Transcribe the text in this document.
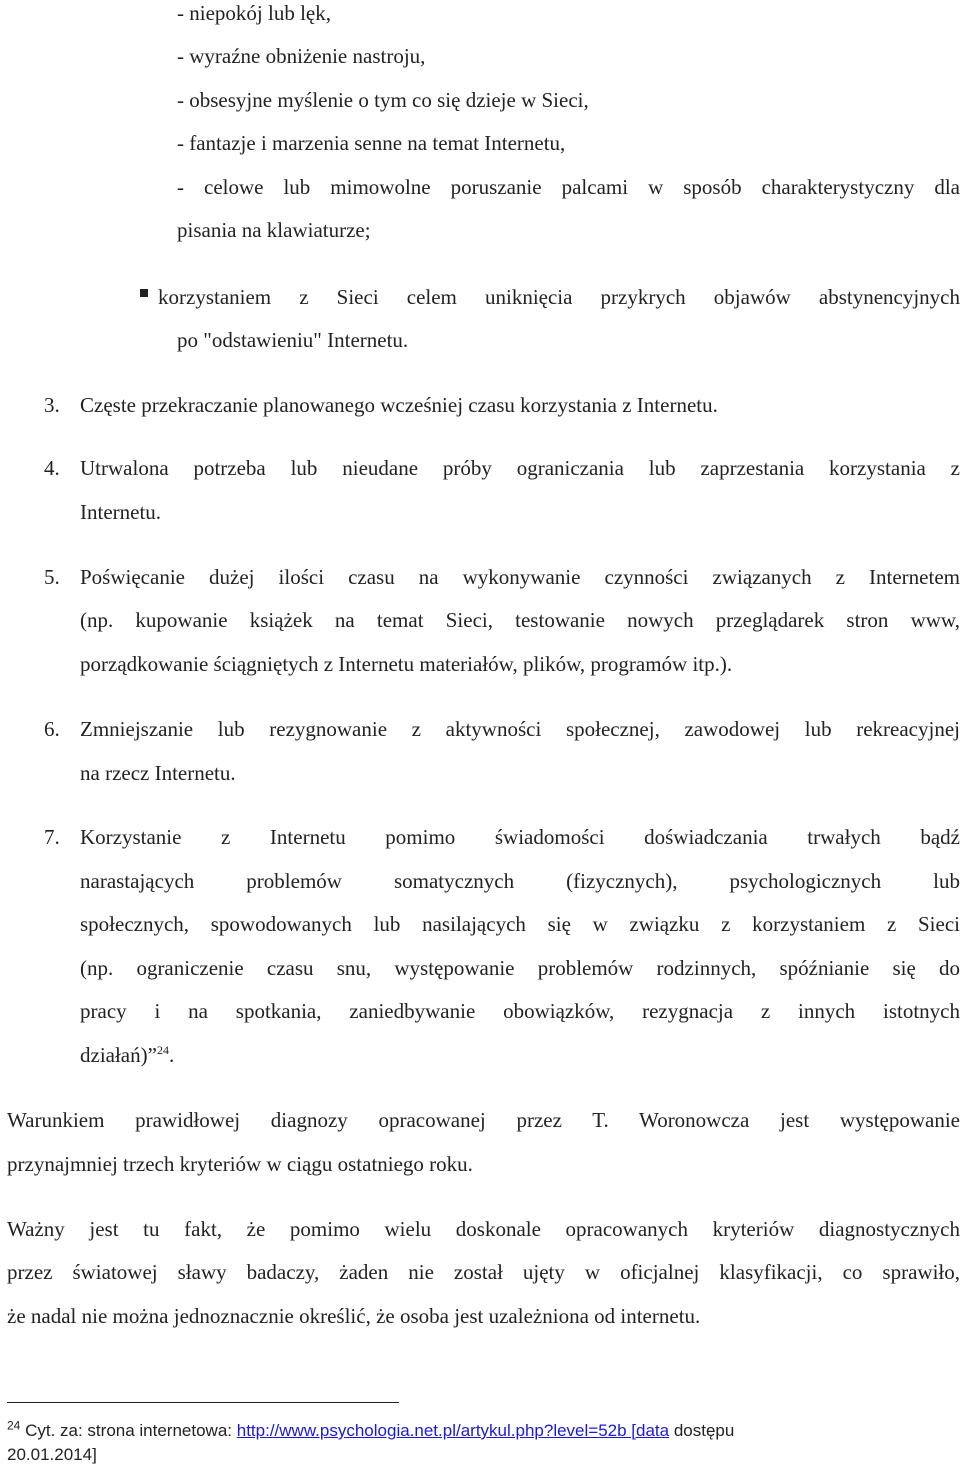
- niepokój lub lęk,

- wyraźne obniżenie nastroju,

- obsesyjne myślenie o tym co się dzieje w Sieci,

- fantazje i marzenia senne na temat Internetu,

- celowe lub mimowolne poruszanie palcami w sposób charakterystyczny dla

pisania na klawiaturze;

korzystaniem z Sieci celem uniknięcia przykrych objawów abstynencyjnych

po "odstawieniu" Internetu.

3. Częste przekraczanie planowanego wcześniej czasu korzystania z Internetu.

4. Utrwalona potrzeba lub nieudane próby ograniczania lub zaprzestania korzystania z

Internetu.

5. Poświęcanie dużej ilości czasu na wykonywanie czynności związanych z Internetem

(np. kupowanie książek na temat Sieci, testowanie nowych przeglądarek stron www,

porządkowanie ściągniętych z Internetu materiałów, plików, programów itp.).

6. Zmniejszanie lub rezygnowanie z aktywności społecznej, zawodowej lub rekreacyjnej

na rzecz Internetu.

7. Korzystanie z Internetu pomimo świadomości doświadczania trwałych bądź

narastających problemów somatycznych (fizycznych), psychologicznych lub

społecznych, spowodowanych lub nasilających się w związku z korzystaniem z Sieci

(np. ograniczenie czasu snu, występowanie problemów rodzinnych, spóźnianie się do

pracy i na spotkania, zaniedbywanie obowiązków, rezygnacja z innych istotnych

działań)”$^{24}$.

Warunkiem prawidłowej diagnozy opracowanej przez T. Woronowcza jest występowanie

przynajmniej trzech kryteriów w ciągu ostatniego roku.

Ważny jest tu fakt, że pomimo wielu doskonale opracowanych kryteriów diagnostycznych

przez światowej sławy badaczy, żaden nie został ujęty w oficjalnej klasyfikacji, co sprawiło,

że nadal nie można jednoznacznie określić, że osoba jest uzależniona od internetu.

$^{24}$ Cyt. za: strona internetowa: http://www.psychologia.net.pl/artykul.php?level=52b [data dostępu
20.01.2014]
